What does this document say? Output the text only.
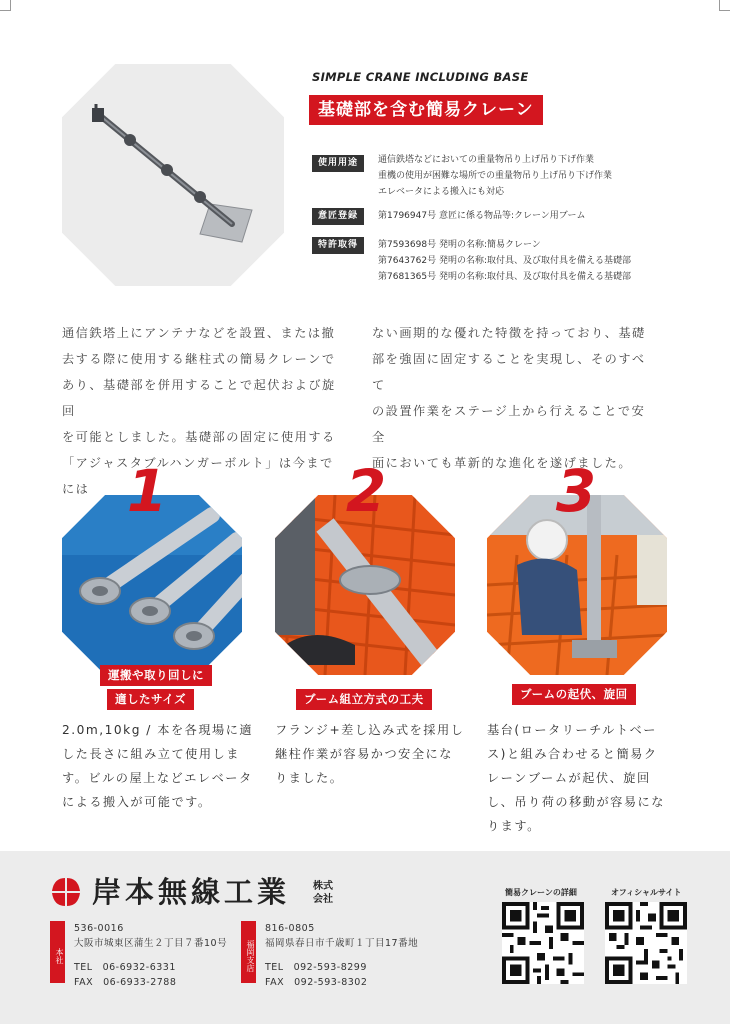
SIMPLE CRANE INCLUDING BASE
基礎部を含む簡易クレーン
使用用途	通信鉄塔などにおいての重量物吊り上げ吊り下げ作業
重機の使用が困難な場所での重量物吊り上げ吊り下げ作業
エレベータによる搬入にも対応
意匠登録	第1796947号 意匠に係る物品等:クレーン用ブーム
特許取得	第7593698号 発明の名称:簡易クレーン
第7643762号 発明の名称:取付具、及び取付具を備える基礎部
第7681365号 発明の名称:取付具、及び取付具を備える基礎部
通信鉄塔上にアンテナなどを設置、または撤
去する際に使用する継柱式の簡易クレーンで
あり、基礎部を併用することで起伏および旋回
を可能としました。基礎部の固定に使用する
「アジャスタブルハンガーボルト」は今までには
ない画期的な優れた特徴を持っており、基礎
部を強固に固定することを実現し、そのすべて
の設置作業をステージ上から行えることで安全
面においても革新的な進化を遂げました。
1
運搬や取り回しに
適したサイズ
2.0m,10kg / 本を各現場に適
した長さに組み立て使用しま
す。ビルの屋上などエレベータ
による搬入が可能です。
2
ブーム組立方式の工夫
フランジ+差し込み式を採用し
継柱作業が容易かつ安全にな
りました。
3
ブームの起伏、旋回
基台(ロータリーチルトベー
ス)と組み合わせると簡易ク
レーンブームが起伏、旋回
し、吊り荷の移動が容易にな
ります。
岸本無線工業 株式
会社
本社
536-0016
大阪市城東区蒲生２丁目７番10号
TEL　06-6932-6331
FAX　06-6933-2788
福岡支店
816-0805
福岡県春日市千歳町１丁目17番地
TEL　092-593-8299
FAX　092-593-8302
簡易クレーンの詳細	オフィシャルサイト
